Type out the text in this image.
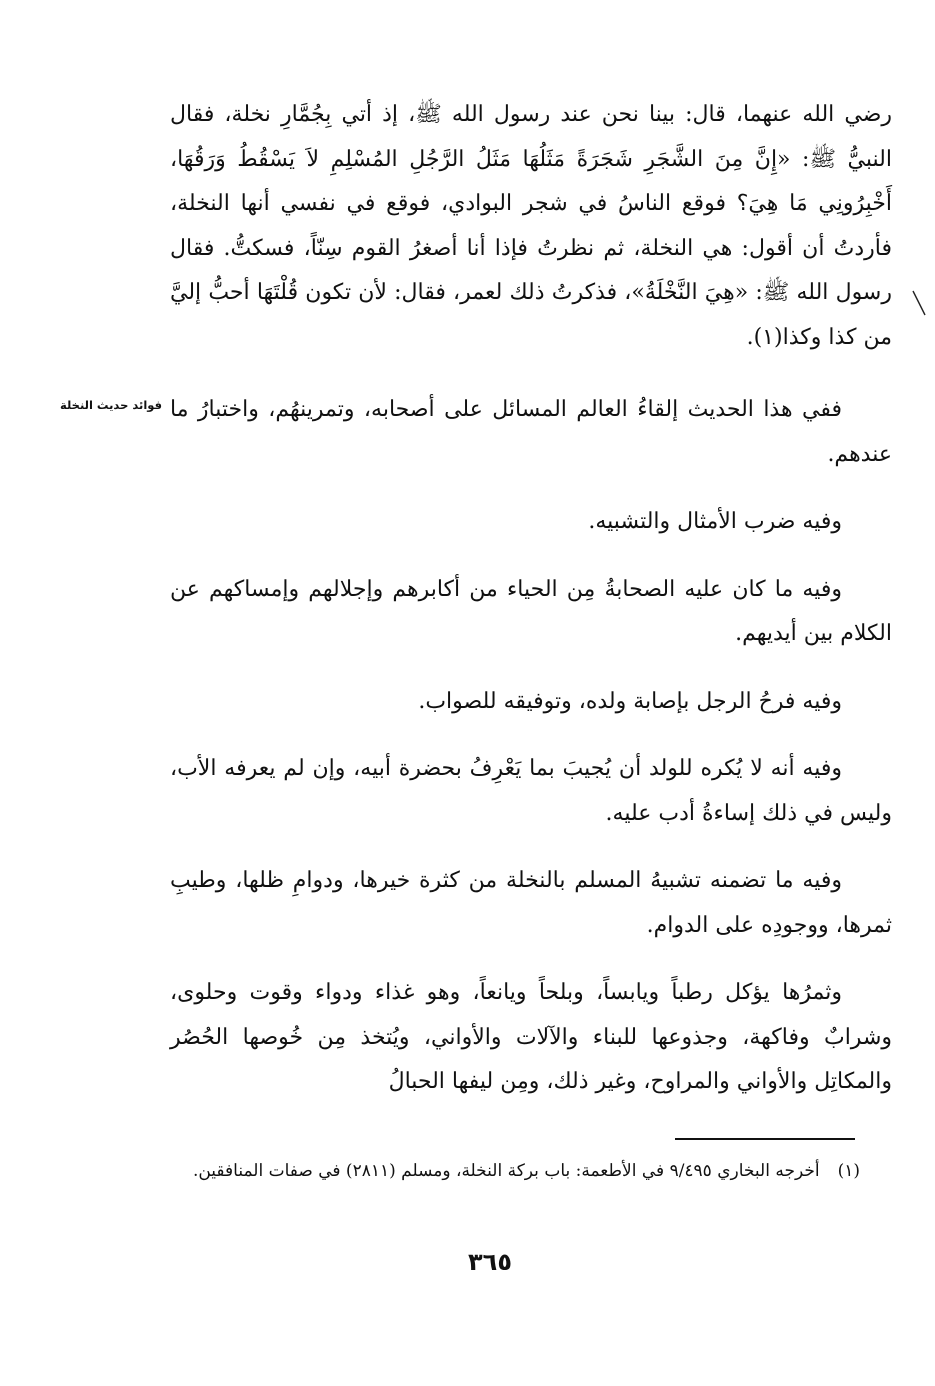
رضي الله عنهما، قال: بينا نحن عند رسول الله ﷺ، إذ أتي بِجُمَّارِ نخلة، فقال النبيُّ ﷺ: «إِنَّ مِنَ الشَّجَرِ شَجَرَةً مَثَلُهَا مَثَلُ الرَّجُلِ المُسْلِمِ لاَ يَسْقُطُ وَرَقُهَا، أَخْبِرُونِي مَا هِيَ؟ فوقع الناسُ في شجر البوادي، فوقع في نفسي أنها النخلة، فأردتُ أن أقول: هي النخلة، ثم نظرتُ فإذا أنا أصغرُ القوم سِنّاً، فسكتُّ. فقال رسول الله ﷺ: «هِيَ النَّخْلَةُ»، فذكرتُ ذلك لعمر، فقال: لأن تكون قُلْتَهَا أحبُّ إليَّ من كذا وكذا(١).

فوائد حديث النخلة ففي هذا الحديث إلقاءُ العالم المسائل على أصحابه، وتمرينهُم، واختبارُ ما عندهم.

وفيه ضرب الأمثال والتشبيه.

وفيه ما كان عليه الصحابةُ مِن الحياء من أكابرهم وإجلالهم وإمساكهم عن الكلام بين أيديهم.

وفيه فرحُ الرجل بإصابة ولده، وتوفيقه للصواب.

وفيه أنه لا يُكره للولد أن يُجيبَ بما يَعْرِفُ بحضرة أبيه، وإن لم يعرفه الأب، وليس في ذلك إساءةُ أدب عليه.

وفيه ما تضمنه تشبيهُ المسلم بالنخلة من كثرة خيرها، ودوامِ ظلها، وطيبِ ثمرها، ووجودِه على الدوام.

وثمرُها يؤكل رطباً ويابساً، وبلحاً ويانعاً، وهو غذاء ودواء وقوت وحلوى، وشرابٌ وفاكهة، وجذوعها للبناء والآلات والأواني، ويُتخذ مِن خُوصها الحُصُر والمكاتِل والأواني والمراوح، وغير ذلك، ومِن ليفها الحبالُ

(١)أخرجه البخاري ٩/٤٩٥ في الأطعمة: باب بركة النخلة، ومسلم (٢٨١١) في صفات المنافقين.
٣٦٥
